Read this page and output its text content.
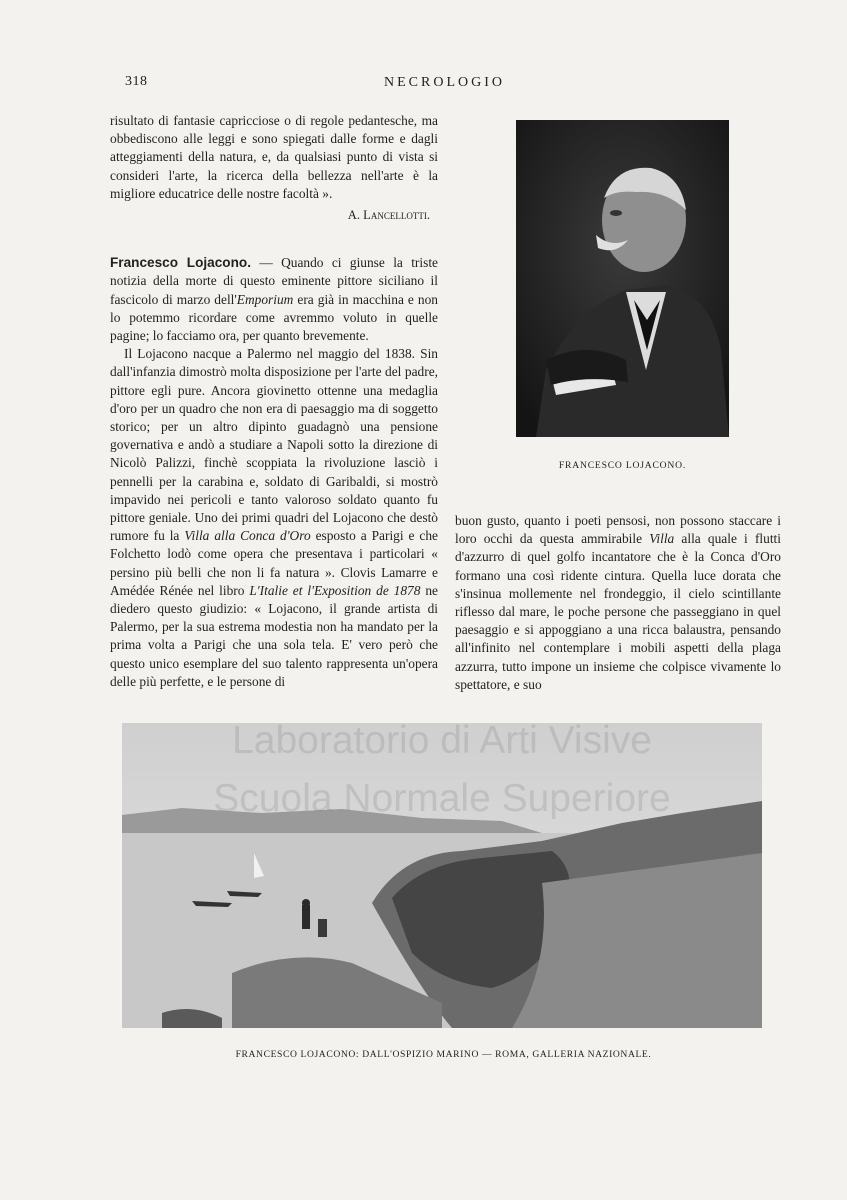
318	NECROLOGIO

risultato di fantasie capricciose o di regole pedantesche, ma obbediscono alle leggi e sono spiegati dalle forme e dagli atteggiamenti della natura, e, da qualsiasi punto di vista si consideri l'arte, la ricerca della bellezza nell'arte è la migliore educatrice delle nostre facoltà ».

A. Lancellotti.

Francesco Lojacono. — Quando ci giunse la triste notizia della morte di questo eminente pittore siciliano il fascicolo di marzo dell'Emporium era già in macchina e non lo potemmo ricordare come avremmo voluto in quelle pagine; lo facciamo ora, per quanto brevemente.

Il Lojacono nacque a Palermo nel maggio del 1838. Sin dall'infanzia dimostrò molta disposizione per l'arte del padre, pittore egli pure. Ancora giovinetto ottenne una medaglia d'oro per un quadro che non era di paesaggio ma di soggetto storico; per un altro dipinto guadagnò una pensione governativa e andò a studiare a Napoli sotto la direzione di Nicolò Palizzi, finchè scoppiata la rivoluzione lasciò i pennelli per la carabina e, soldato di Garibaldi, si mostrò impavido nei pericoli e tanto valoroso soldato quanto fu pittore geniale. Uno dei primi quadri del Lojacono che destò rumore fu la Villa alla Conca d'Oro esposto a Parigi e che Folchetto lodò come opera che presentava i particolari « persino più belli che non li fa natura ». Clovis Lamarre e Amédée Rénée nel libro L'Italie et l'Exposition de 1878 ne diedero questo giudizio: « Lojacono, il grande artista di Palermo, per la sua estrema modestia non ha mandato per la prima volta a Parigi che una sola tela. E' vero però che questo unico esemplare del suo talento rappresenta un'opera delle più perfette, e le persone di

FRANCESCO LOJACONO.

buon gusto, quanto i poeti pensosi, non possono staccare i loro occhi da questa ammirabile Villa alla quale i flutti d'azzurro di quel golfo incantatore che è la Conca d'Oro formano una così ridente cintura. Quella luce dorata che s'insinua mollemente nel frondeggio, il cielo scintillante riflesso dal mare, le poche persone che passeggiano in quel paesaggio e si appoggiano a una ricca balaustra, pensando all'infinito nel contemplare i mobili aspetti della plaga azzurra, tutto impone un insieme che colpisce vivamente lo spettatore, e suo

Laboratorio di Arti Visive
Scuola Normale Superiore
FRANCESCO LOJACONO: DALL'OSPIZIO MARINO — ROMA, GALLERIA NAZIONALE.
